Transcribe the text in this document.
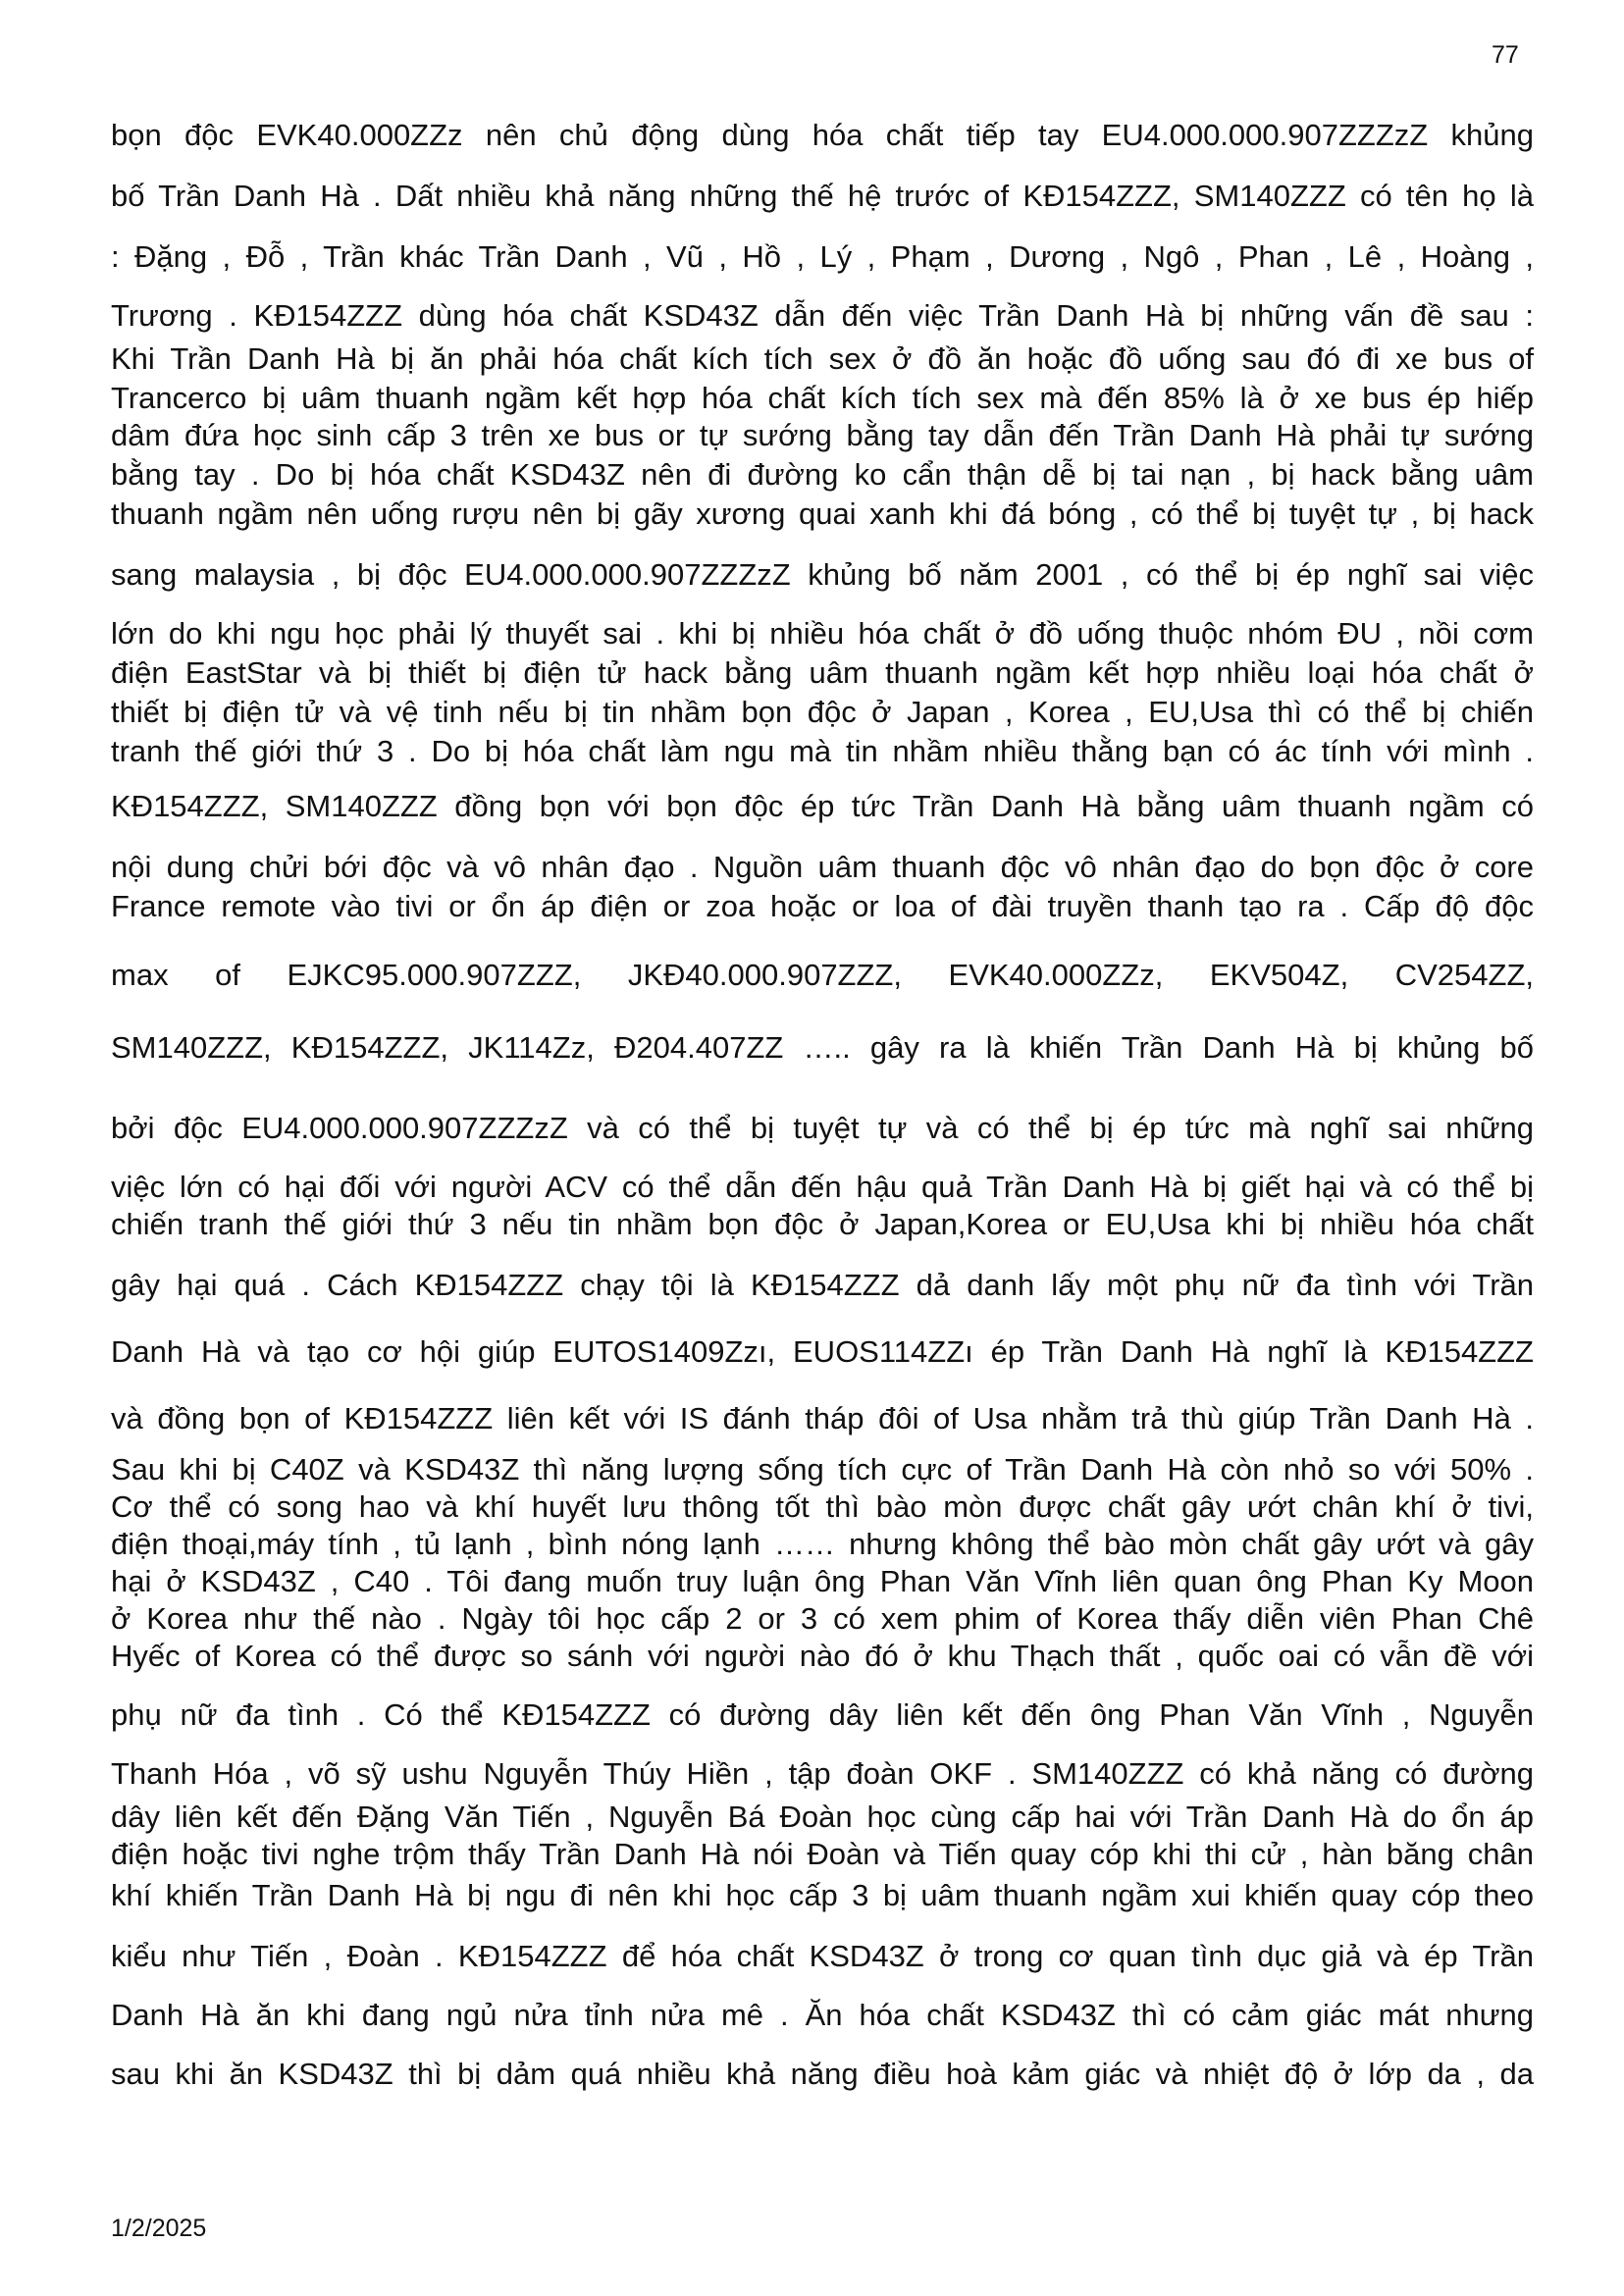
77
bọn độc EVK40.000ZZz nên chủ động dùng hóa chất tiếp tay EU4.000.000.907ZZZzZ khủng
bố Trần Danh Hà . Dất nhiều khả năng những thế hệ trước of KĐ154ZZZ, SM140ZZZ có tên họ là
: Đặng , Đỗ , Trần khác Trần Danh , Vũ , Hồ , Lý , Phạm , Dương , Ngô , Phan , Lê , Hoàng ,
Trương . KĐ154ZZZ dùng hóa chất KSD43Z dẫn đến việc Trần Danh Hà bị những vấn đề sau :
Khi Trần Danh Hà bị ăn phải hóa chất kích tích sex ở đồ ăn hoặc đồ uống sau đó đi xe bus of
Trancerco bị uâm thuanh ngầm kết hợp hóa chất kích tích sex mà đến 85% là ở xe bus ép hiếp
dâm đứa học sinh cấp 3 trên xe bus or tự sướng bằng tay dẫn đến Trần Danh Hà phải tự sướng
bằng tay . Do bị hóa chất KSD43Z nên đi đường ko cẩn thận dễ bị tai nạn , bị hack bằng uâm
thuanh ngầm nên uống rượu nên bị gãy xương quai xanh khi đá bóng , có thể bị tuyệt tự , bị hack
sang malaysia , bị độc EU4.000.000.907ZZZzZ khủng bố năm 2001 , có thể bị ép nghĩ sai việc
lớn do khi ngu học phải lý thuyết sai . khi bị nhiều hóa chất ở đồ uống thuộc nhóm ĐU , nồi cơm
điện EastStar và bị thiết bị điện tử hack bằng uâm thuanh ngầm kết hợp nhiều loại hóa chất ở
thiết bị điện tử và vệ tinh nếu bị tin nhầm bọn độc ở Japan , Korea , EU,Usa thì có thể bị chiến
tranh thế giới thứ 3 . Do bị hóa chất làm ngu mà tin nhầm nhiều thằng bạn có ác tính với mình .
KĐ154ZZZ, SM140ZZZ đồng bọn với bọn độc ép tức Trần Danh Hà bằng uâm thuanh ngầm có
nội dung chửi bới độc và vô nhân đạo . Nguồn uâm thuanh độc vô nhân đạo do bọn độc ở core
France remote vào tivi or ổn áp điện or zoa hoặc or loa of đài truyền thanh tạo ra . Cấp độ độc
max of EJKC95.000.907ZZZ, JKĐ40.000.907ZZZ, EVK40.000ZZz, EKV504Z, CV254ZZ,
SM140ZZZ, KĐ154ZZZ, JK114Zz, Đ204.407ZZ ….. gây ra là khiến Trần Danh Hà bị khủng bố
bởi độc EU4.000.000.907ZZZzZ và có thể bị tuyệt tự và có thể bị ép tức mà nghĩ sai những
việc lớn có hại đối với người ACV có thể dẫn đến hậu quả Trần Danh Hà bị giết hại và có thể bị
chiến tranh thế giới thứ 3 nếu tin nhầm bọn độc ở Japan,Korea or EU,Usa khi bị nhiều hóa chất
gây hại quá . Cách KĐ154ZZZ chạy tội là KĐ154ZZZ dả danh lấy một phụ nữ đa tình với Trần
Danh Hà và tạo cơ hội giúp EUTOS1409Zzı, EUOS114ZZı ép Trần Danh Hà nghĩ là KĐ154ZZZ
và đồng bọn of KĐ154ZZZ liên kết với IS đánh tháp đôi of Usa nhằm trả thù giúp Trần Danh Hà .
Sau khi bị C40Z và KSD43Z thì năng lượng sống tích cực of Trần Danh Hà còn nhỏ so với 50% .
Cơ thể có song hao và khí huyết lưu thông tốt thì bào mòn được chất gây ướt chân khí ở tivi,
điện thoại,máy tính , tủ lạnh , bình nóng lạnh …… nhưng không thể bào mòn chất gây ướt và gây
hại ở KSD43Z , C40 . Tôi đang muốn truy luận ông Phan Văn Vĩnh liên quan ông Phan Ky Moon
ở Korea như thế nào . Ngày tôi học cấp 2 or 3 có xem phim of Korea thấy diễn viên Phan Chê
Hyếc of Korea có thể được so sánh với người nào đó ở khu Thạch thất , quốc oai có vẫn đề với
phụ nữ đa tình . Có thể KĐ154ZZZ có đường dây liên kết đến ông Phan Văn Vĩnh , Nguyễn
Thanh Hóa , võ sỹ ushu Nguyễn Thúy Hiền , tập đoàn OKF . SM140ZZZ có khả năng có đường
dây liên kết đến Đặng Văn Tiến , Nguyễn Bá Đoàn học cùng cấp hai với Trần Danh Hà do ổn áp
điện hoặc tivi nghe trộm thấy Trần Danh Hà nói Đoàn và Tiến quay cóp khi thi cử , hàn băng chân
khí khiến Trần Danh Hà bị ngu đi nên khi học cấp 3 bị uâm thuanh ngầm xui khiến quay cóp theo
kiểu như Tiến , Đoàn . KĐ154ZZZ để hóa chất KSD43Z ở trong cơ quan tình dục giả và ép Trần
Danh Hà ăn khi đang ngủ nửa tỉnh nửa mê . Ăn hóa chất KSD43Z thì có cảm giác mát nhưng
sau khi ăn KSD43Z thì bị dảm quá nhiều khả năng điều hoà kảm giác và nhiệt độ ở lớp da , da
1/2/2025
